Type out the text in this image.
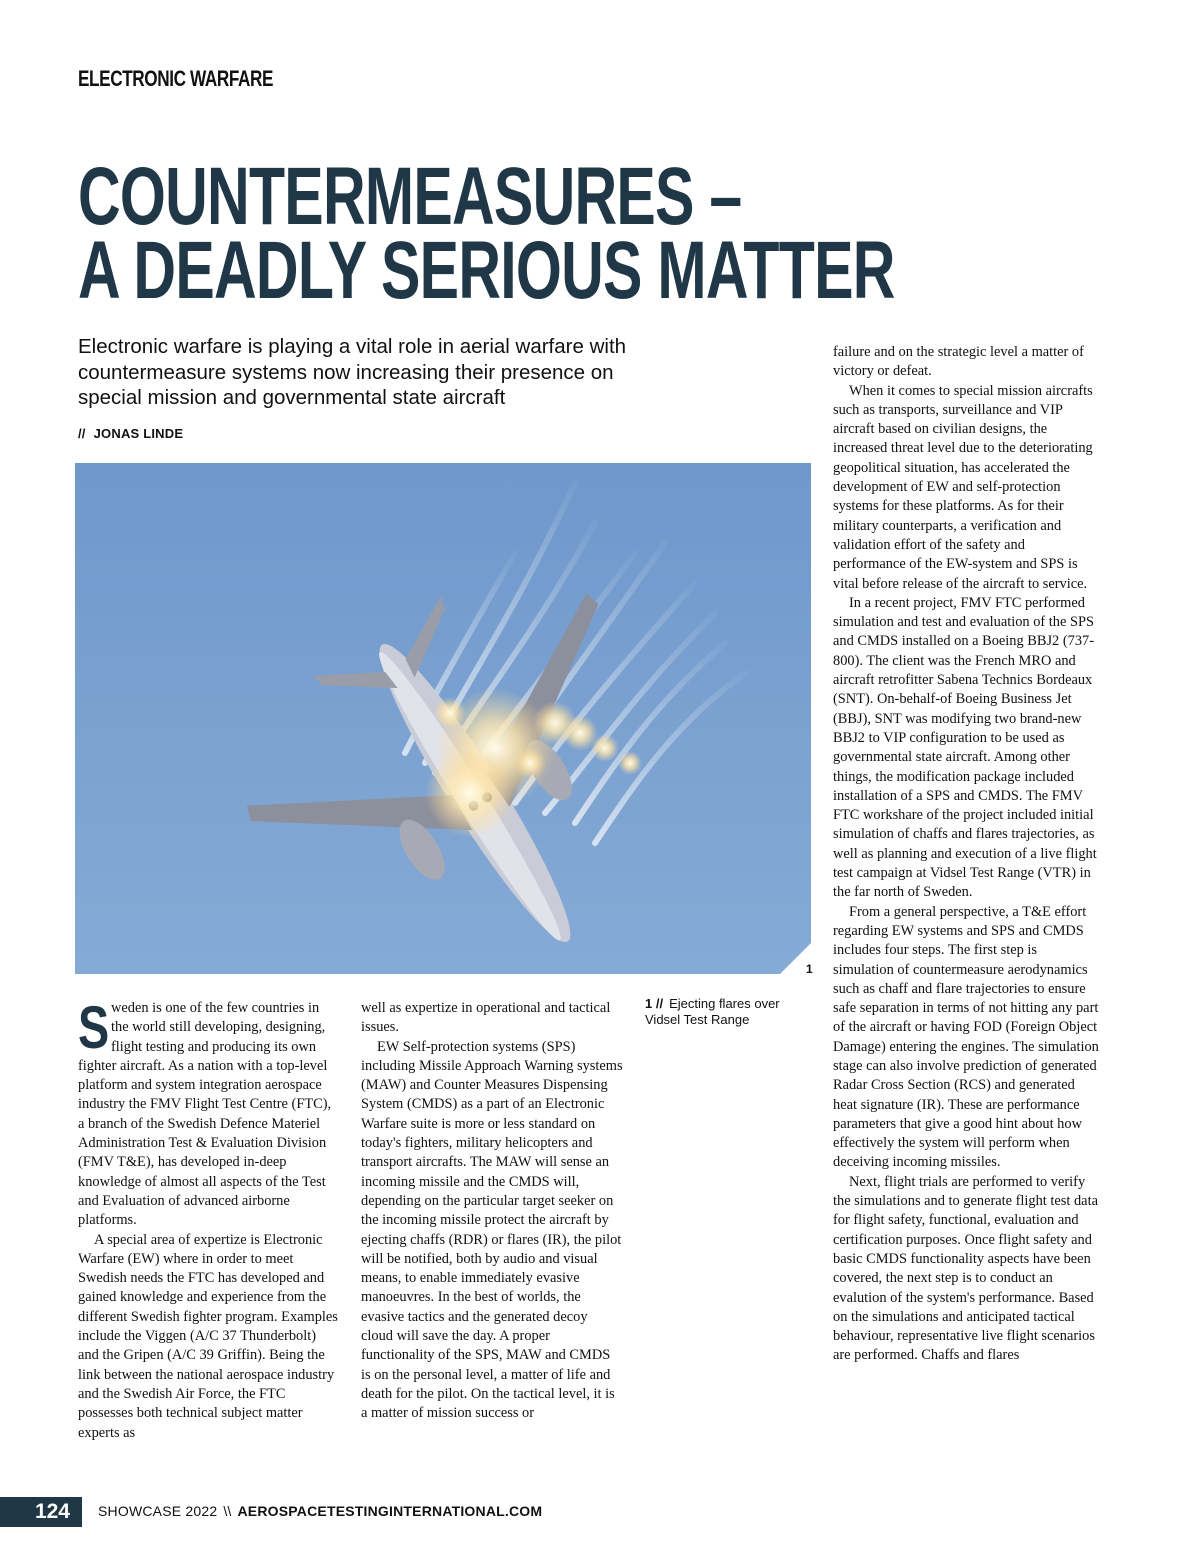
ELECTRONIC WARFARE
COUNTERMEASURES –
A DEADLY SERIOUS MATTER

Electronic warfare is playing a vital role in aerial warfare with countermeasure systems now increasing their presence on special mission and governmental state aircraft

// JONAS LINDE

1

1 // Ejecting flares over Vidsel Test Range

Sweden is one of the few countries in the world still developing, designing, flight testing and producing its own fighter aircraft. As a nation with a top-level platform and system integration aerospace industry the FMV Flight Test Centre (FTC), a branch of the Swedish Defence Materiel Administration Test & Evaluation Division (FMV T&E), has developed in-deep knowledge of almost all aspects of the Test and Evaluation of advanced airborne platforms.

A special area of expertize is Electronic Warfare (EW) where in order to meet Swedish needs the FTC has developed and gained knowledge and experience from the different Swedish fighter program. Examples include the Viggen (A/C 37 Thunderbolt) and the Gripen (A/C 39 Griffin). Being the link between the national aerospace industry and the Swedish Air Force, the FTC possesses both technical subject matter experts as

well as expertize in operational and tactical issues.

EW Self-protection systems (SPS) including Missile Approach Warning systems (MAW) and Counter Measures Dispensing System (CMDS) as a part of an Electronic Warfare suite is more or less standard on today's fighters, military helicopters and transport aircrafts. The MAW will sense an incoming missile and the CMDS will, depending on the particular target seeker on the incoming missile protect the aircraft by ejecting chaffs (RDR) or flares (IR), the pilot will be notified, both by audio and visual means, to enable immediately evasive manoeuvres. In the best of worlds, the evasive tactics and the generated decoy cloud will save the day. A proper functionality of the SPS, MAW and CMDS is on the personal level, a matter of life and death for the pilot. On the tactical level, it is a matter of mission success or

failure and on the strategic level a matter of victory or defeat.

When it comes to special mission aircrafts such as transports, surveillance and VIP aircraft based on civilian designs, the increased threat level due to the deteriorating geopolitical situation, has accelerated the development of EW and self-protection systems for these platforms. As for their military counterparts, a verification and validation effort of the safety and performance of the EW-system and SPS is vital before release of the aircraft to service.

In a recent project, FMV FTC performed simulation and test and evaluation of the SPS and CMDS installed on a Boeing BBJ2 (737-800). The client was the French MRO and aircraft retrofitter Sabena Technics Bordeaux (SNT). On-behalf-of Boeing Business Jet (BBJ), SNT was modifying two brand-new BBJ2 to VIP configuration to be used as governmental state aircraft. Among other things, the modification package included installation of a SPS and CMDS. The FMV FTC workshare of the project included initial simulation of chaffs and flares trajectories, as well as planning and execution of a live flight test campaign at Vidsel Test Range (VTR) in the far north of Sweden.

From a general perspective, a T&E effort regarding EW systems and SPS and CMDS includes four steps. The first step is simulation of countermeasure aerodynamics such as chaff and flare trajectories to ensure safe separation in terms of not hitting any part of the aircraft or having FOD (Foreign Object Damage) entering the engines. The simulation stage can also involve prediction of generated Radar Cross Section (RCS) and generated heat signature (IR). These are performance parameters that give a good hint about how effectively the system will perform when deceiving incoming missiles.

Next, flight trials are performed to verify the simulations and to generate flight test data for flight safety, functional, evaluation and certification purposes. Once flight safety and basic CMDS functionality aspects have been covered, the next step is to conduct an evalution of the system's performance. Based on the simulations and anticipated tactical behaviour, representative live flight scenarios are performed. Chaffs and flares

124	SHOWCASE 2022 \\ AEROSPACETESTINGINTERNATIONAL.COM
